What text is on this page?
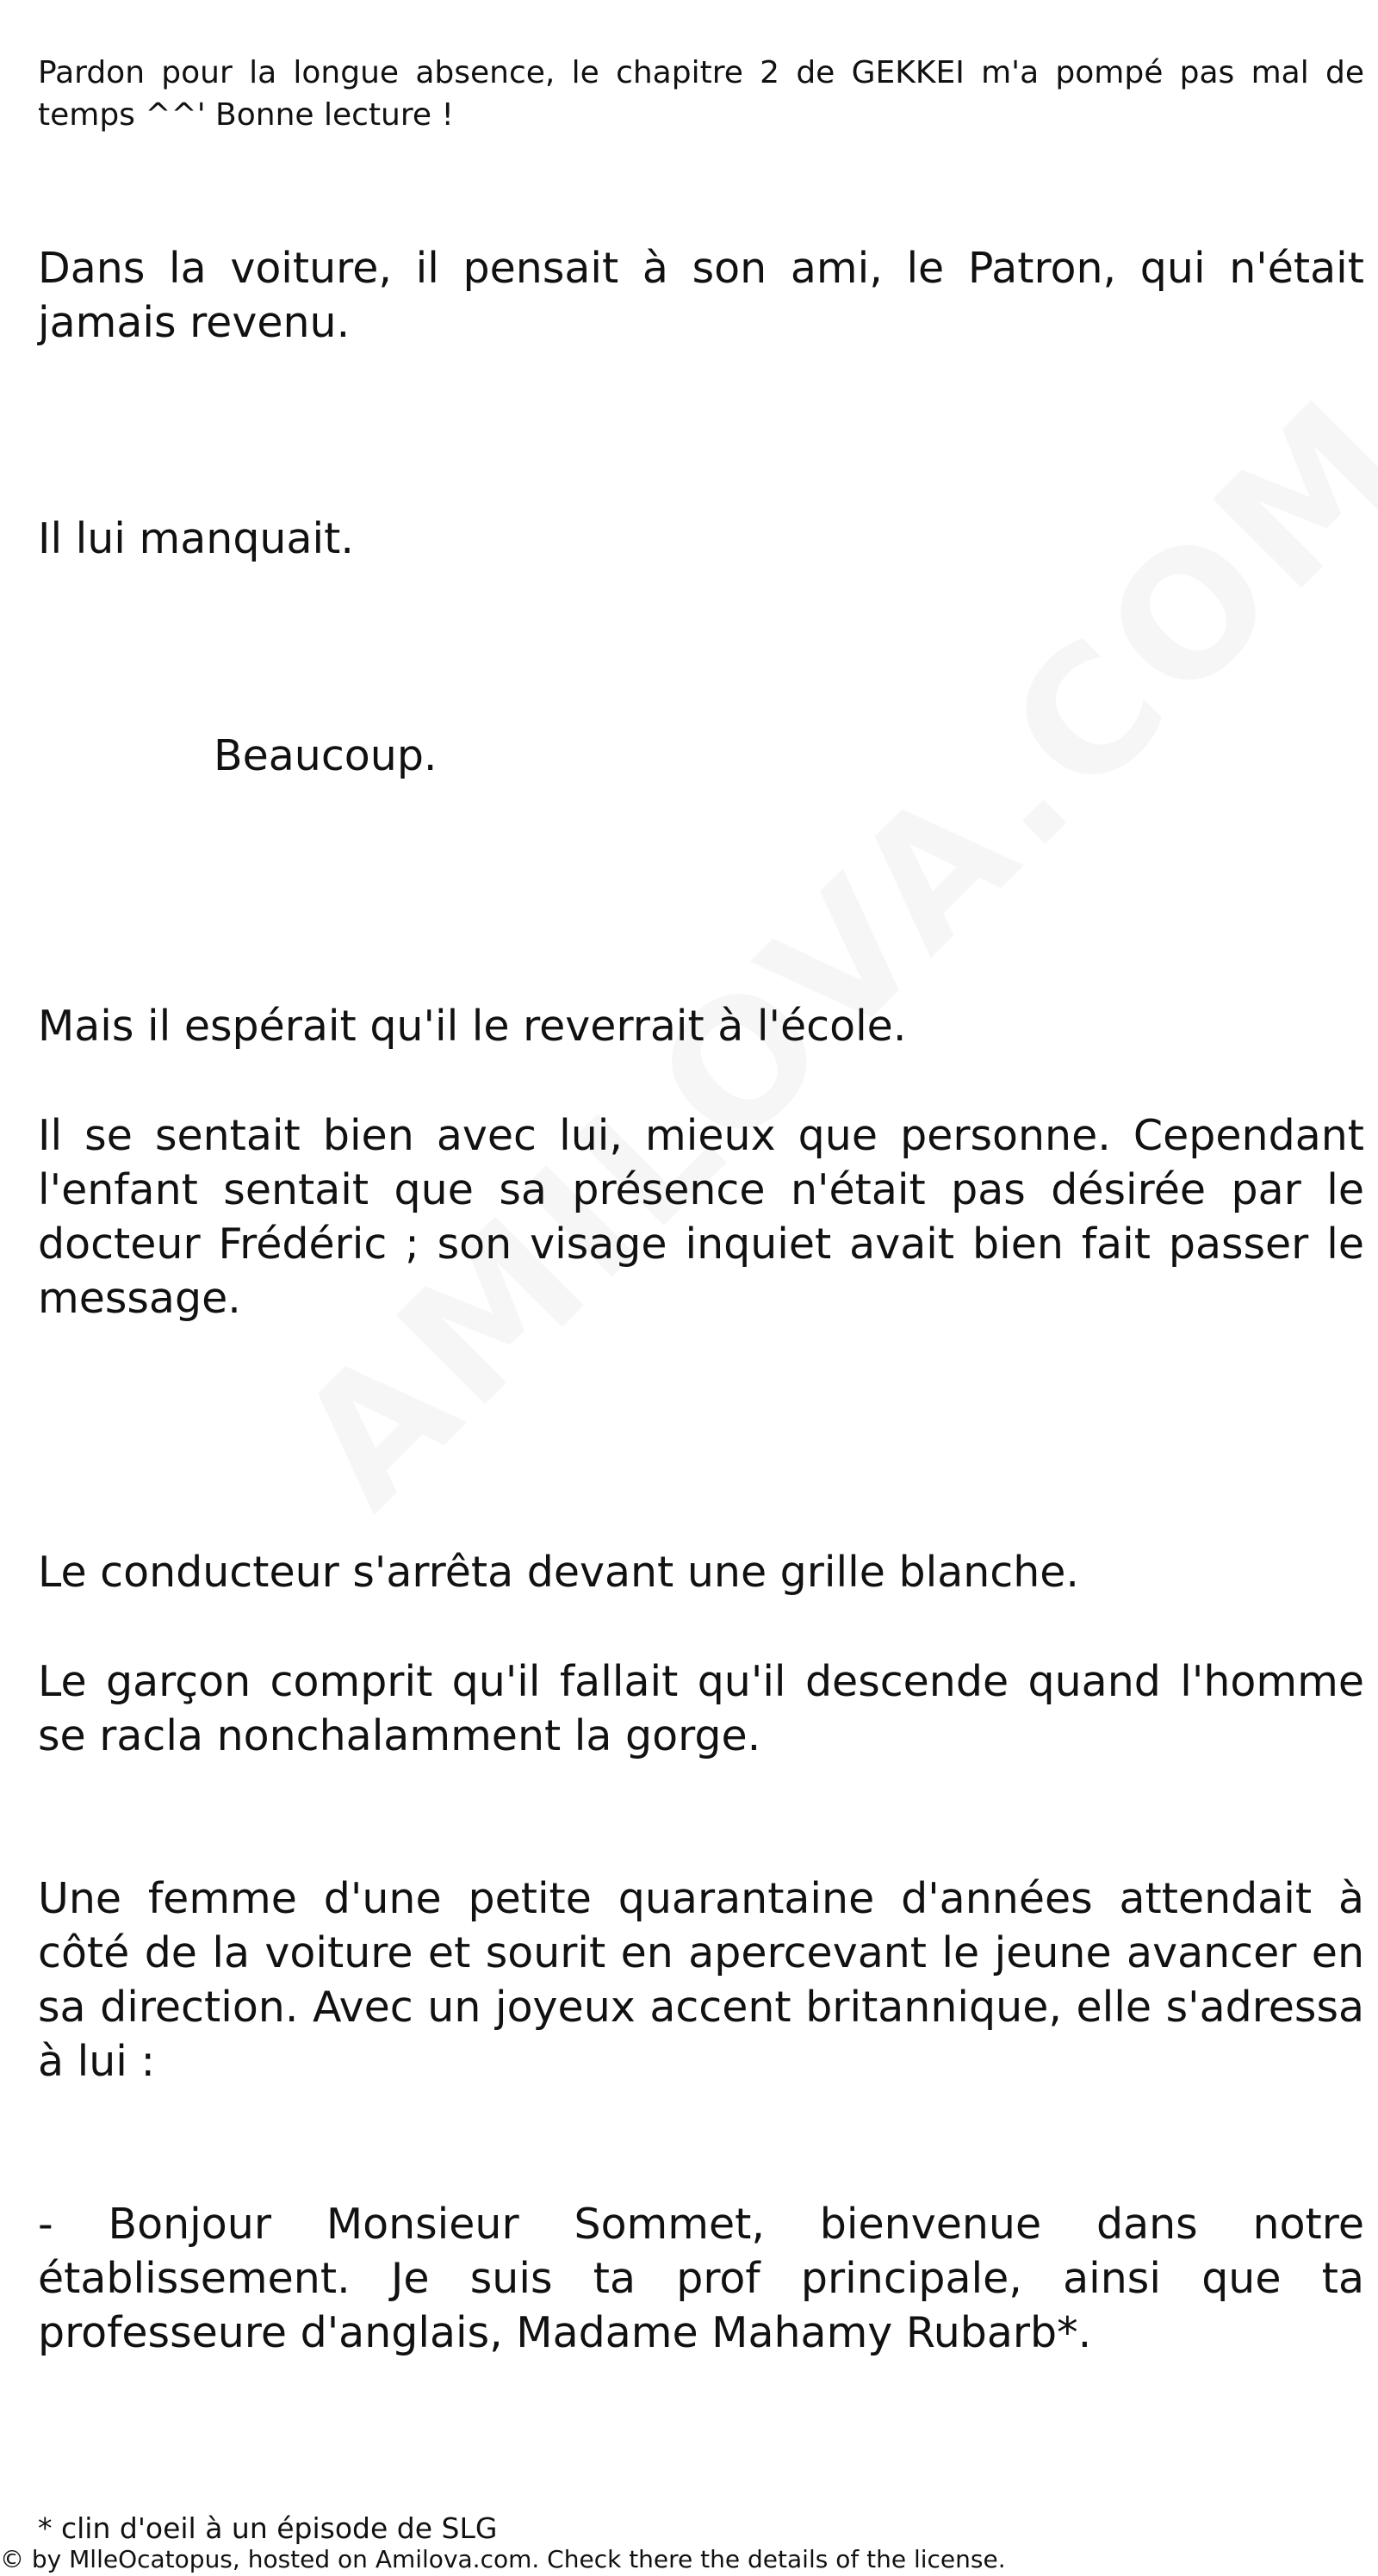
Pardon pour la longue absence, le chapitre 2 de GEKKEI m'a pompé pas mal de temps ^^' Bonne lecture !

Dans la voiture, il pensait à son ami, le Patron, qui n'était jamais revenu.

Il lui manquait.

Beaucoup.

Mais il espérait qu'il le reverrait à l'école.

Il se sentait bien avec lui, mieux que personne. Cependant l'enfant sentait que sa présence n'était pas désirée par le docteur Frédéric ; son visage inquiet avait bien fait passer le message.

Le conducteur s'arrêta devant une grille blanche.

Le garçon comprit qu'il fallait qu'il descende quand l'homme se racla nonchalamment la gorge.

Une femme d'une petite quarantaine d'années attendait à côté de la voiture et sourit en apercevant le jeune avancer en sa direction. Avec un joyeux accent britannique, elle s'adressa à lui :

- Bonjour Monsieur Sommet, bienvenue dans notre établissement. Je suis ta prof principale, ainsi que ta professeure d'anglais, Madame Mahamy Rubarb*.

* clin d'oeil à un épisode de SLG

© by MlleOcatopus, hosted on Amilova.com. Check there the details of the license.
